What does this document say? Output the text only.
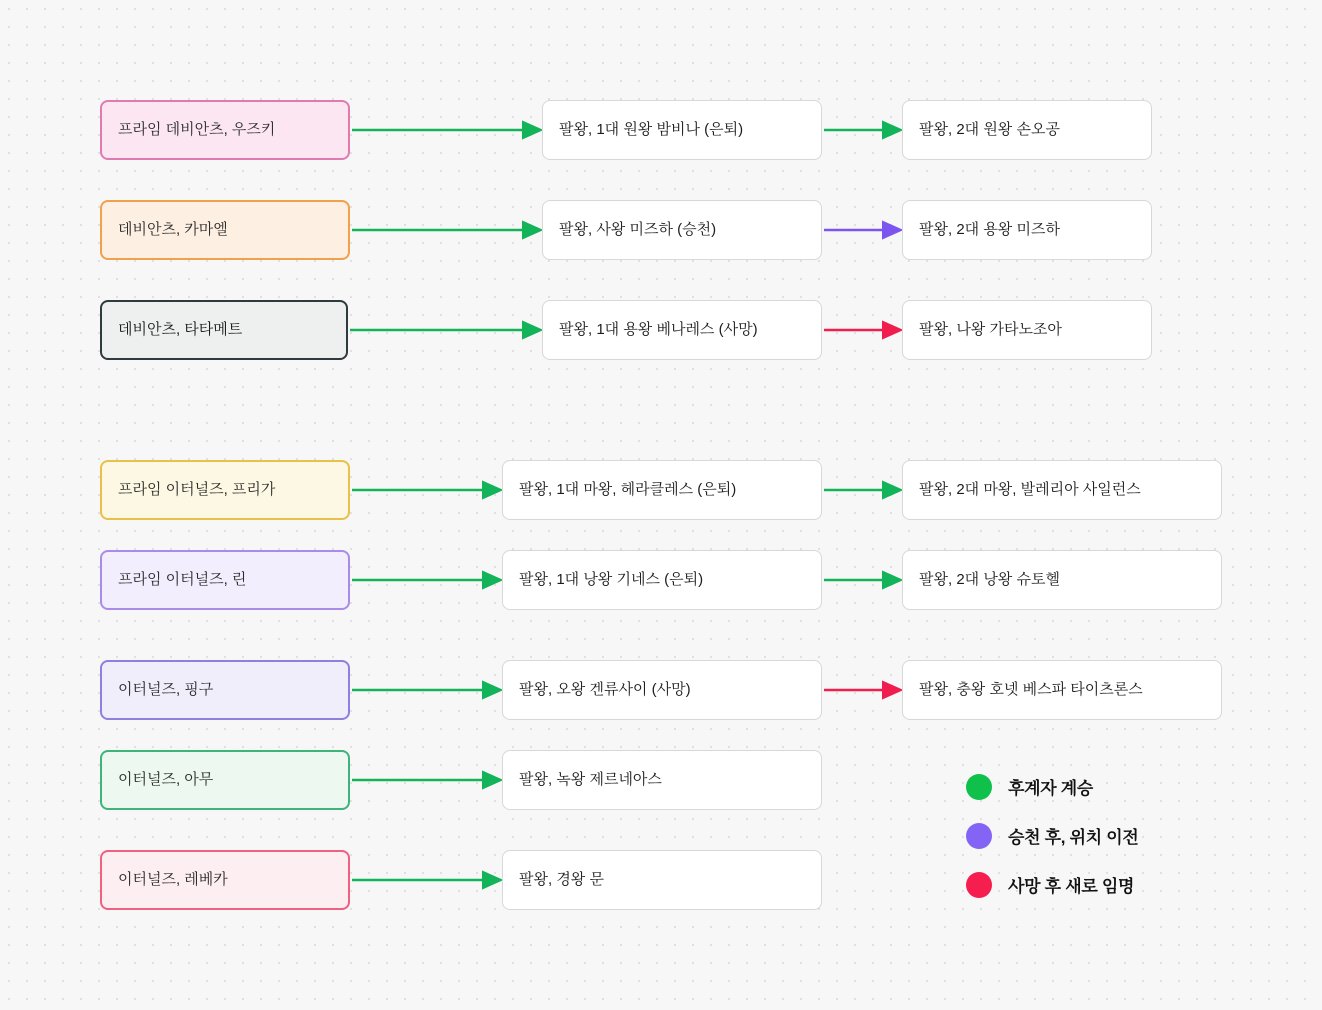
프라임 데비안츠, 우즈키	팔왕, 1대 원왕 밤비나 (은퇴)	팔왕, 2대 원왕 손오공
데비안츠, 카마엘	팔왕, 사왕 미즈하 (승천)	팔왕, 2대 용왕 미즈하
데비안츠, 타타메트	팔왕, 1대 용왕 베나레스 (사망)	팔왕, 나왕 가타노조아
프라임 이터널즈, 프리가	팔왕, 1대 마왕, 헤라클레스 (은퇴)	팔왕, 2대 마왕, 발레리아 사일런스
프라임 이터널즈, 린	팔왕, 1대 낭왕 기네스 (은퇴)	팔왕, 2대 낭왕 슈토헬
이터널즈, 핑구	팔왕, 오왕 겐류사이 (사망)	팔왕, 충왕 호넷 베스파 타이츠론스
이터널즈, 아무	팔왕, 녹왕 제르네아스
이터널즈, 레베카	팔왕, 경왕 문
후계자 계승
승천 후, 위치 이전
사망 후 새로 임명
